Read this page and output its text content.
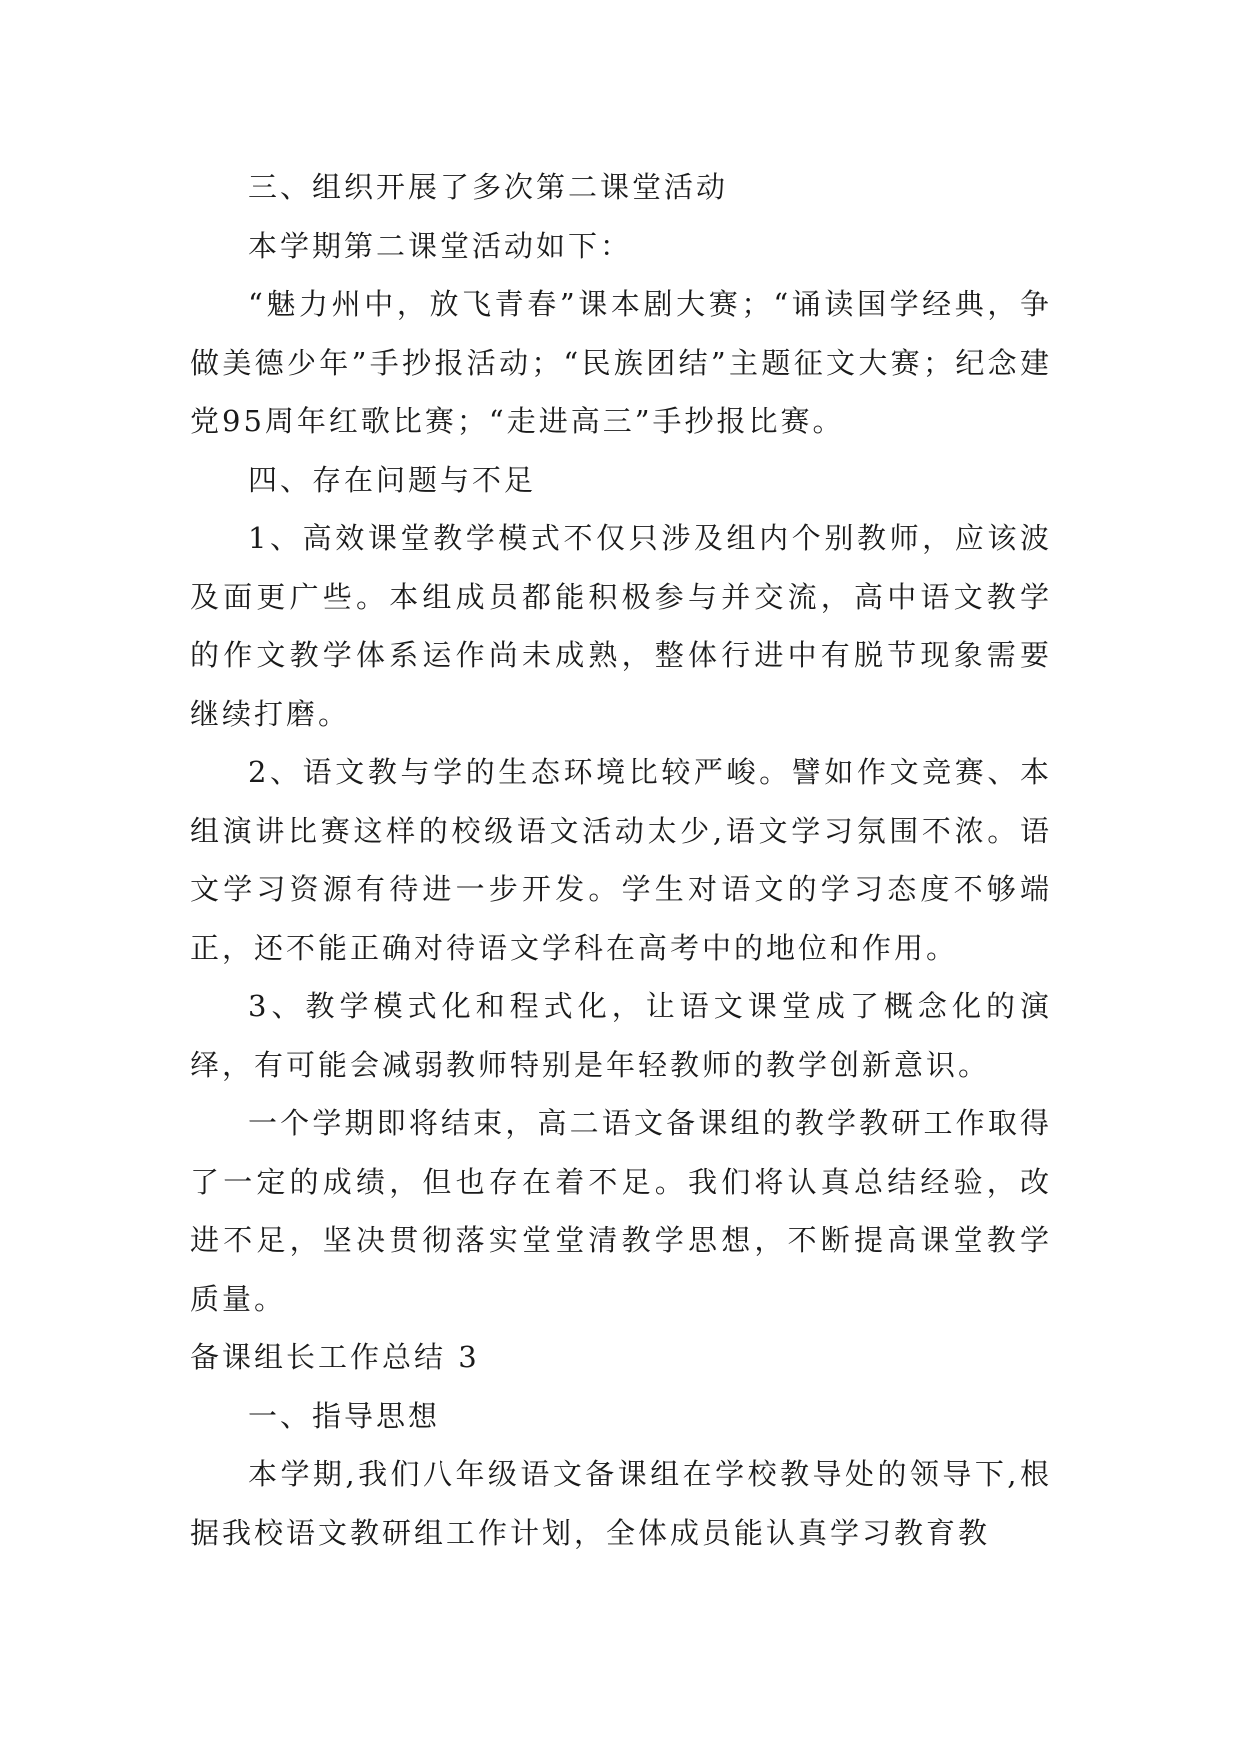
三、组织开展了多次第二课堂活动

本学期第二课堂活动如下：

“魅力州中，放飞青春”课本剧大赛；“诵读国学经典，争做美德少年”手抄报活动；“民族团结”主题征文大赛；纪念建党95周年红歌比赛；“走进高三”手抄报比赛。

四、存在问题与不足

1、高效课堂教学模式不仅只涉及组内个别教师，应该波及面更广些。本组成员都能积极参与并交流，高中语文教学的作文教学体系运作尚未成熟，整体行进中有脱节现象需要继续打磨。

2、语文教与学的生态环境比较严峻。譬如作文竞赛、本组演讲比赛这样的校级语文活动太少,语文学习氛围不浓。语文学习资源有待进一步开发。学生对语文的学习态度不够端正，还不能正确对待语文学科在高考中的地位和作用。

3、教学模式化和程式化，让语文课堂成了概念化的演绎，有可能会减弱教师特别是年轻教师的教学创新意识。

一个学期即将结束，高二语文备课组的教学教研工作取得了一定的成绩，但也存在着不足。我们将认真总结经验，改进不足，坚决贯彻落实堂堂清教学思想，不断提高课堂教学质量。

备课组长工作总结 3

一、指导思想

本学期,我们八年级语文备课组在学校教导处的领导下,根据我校语文教研组工作计划，全体成员能认真学习教育教
